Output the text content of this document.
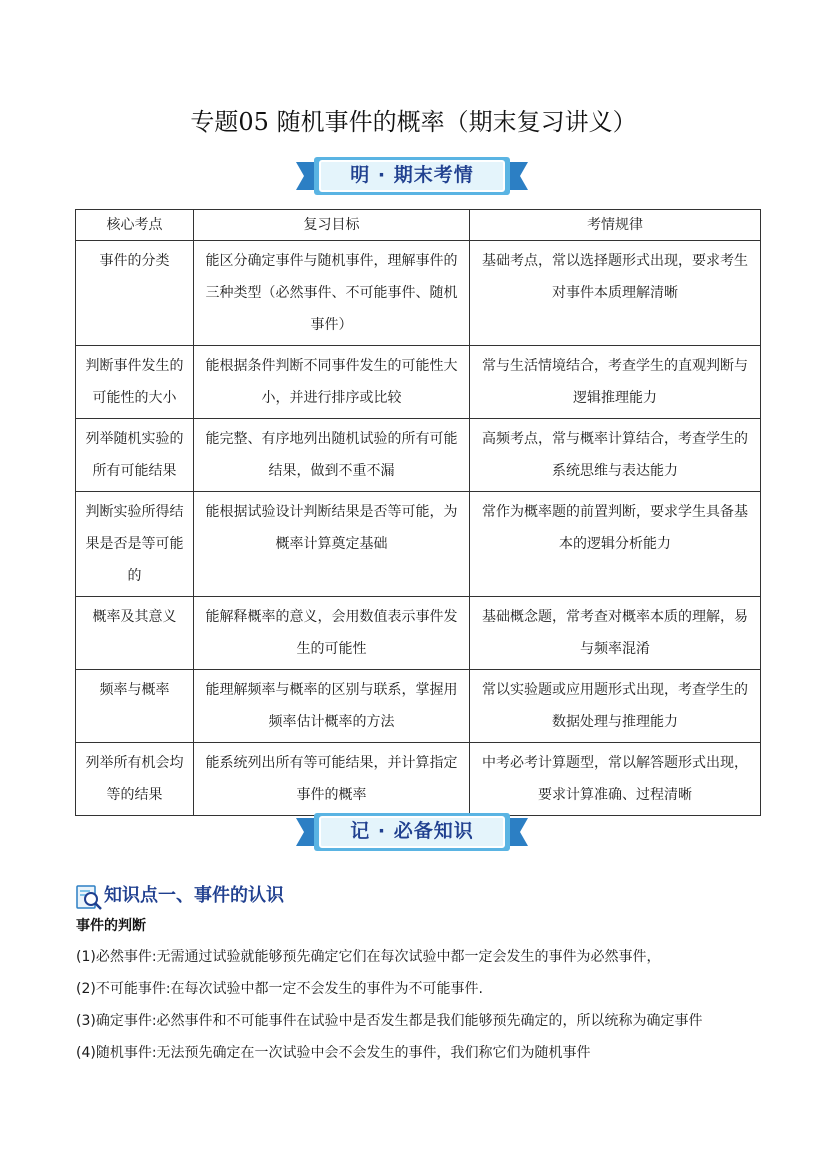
专题05 随机事件的概率（期末复习讲义）
明 · 期末考情
核心考点	复习目标	考情规律
事件的分类	能区分确定事件与随机事件，理解事件的三种类型（必然事件、不可能事件、随机事件）	基础考点，常以选择题形式出现，要求考生对事件本质理解清晰
判断事件发生的可能性的大小	能根据条件判断不同事件发生的可能性大小，并进行排序或比较	常与生活情境结合，考查学生的直观判断与逻辑推理能力
列举随机实验的所有可能结果	能完整、有序地列出随机试验的所有可能结果，做到不重不漏	高频考点，常与概率计算结合，考查学生的系统思维与表达能力
判断实验所得结果是否是等可能的	能根据试验设计判断结果是否等可能，为概率计算奠定基础	常作为概率题的前置判断，要求学生具备基本的逻辑分析能力
概率及其意义	能解释概率的意义，会用数值表示事件发生的可能性	基础概念题，常考查对概率本质的理解，易与频率混淆
频率与概率	能理解频率与概率的区别与联系，掌握用频率估计概率的方法	常以实验题或应用题形式出现，考查学生的数据处理与推理能力
列举所有机会均等的结果	能系统列出所有等可能结果，并计算指定事件的概率	中考必考计算题型，常以解答题形式出现，要求计算准确、过程清晰
记 · 必备知识
知识点一、事件的认识
事件的判断

(1)必然事件:无需通过试验就能够预先确定它们在每次试验中都一定会发生的事件为必然事件，

(2)不可能事件:在每次试验中都一定不会发生的事件为不可能事件.

(3)确定事件:必然事件和不可能事件在试验中是否发生都是我们能够预先确定的，所以统称为确定事件

(4)随机事件:无法预先确定在一次试验中会不会发生的事件，我们称它们为随机事件
